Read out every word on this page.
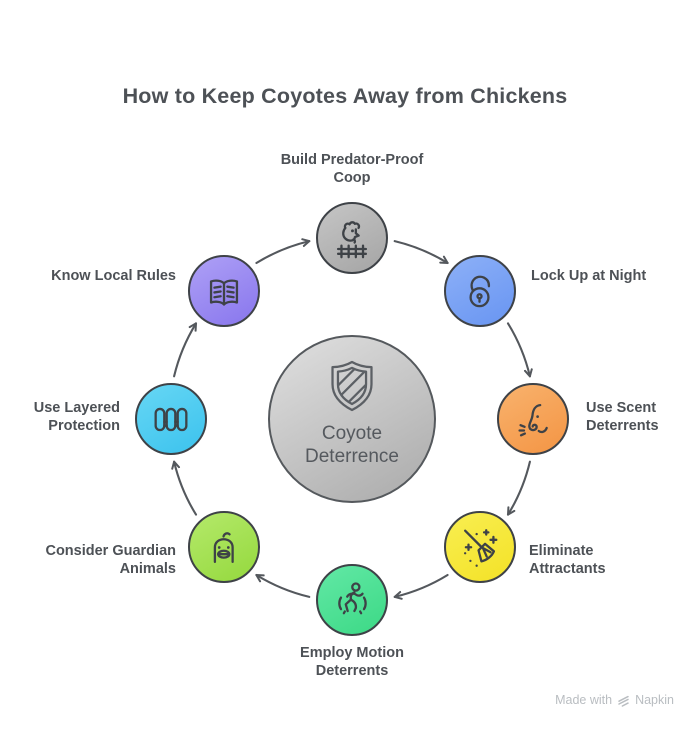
How to Keep Coyotes Away from Chickens
Coyote Deterrence
Build Predator-Proof Coop
Lock Up at Night
Use Scent Deterrents
Eliminate Attractants
Employ Motion Deterrents
Consider Guardian Animals
Use Layered Protection
Know Local Rules
Made with Napkin
